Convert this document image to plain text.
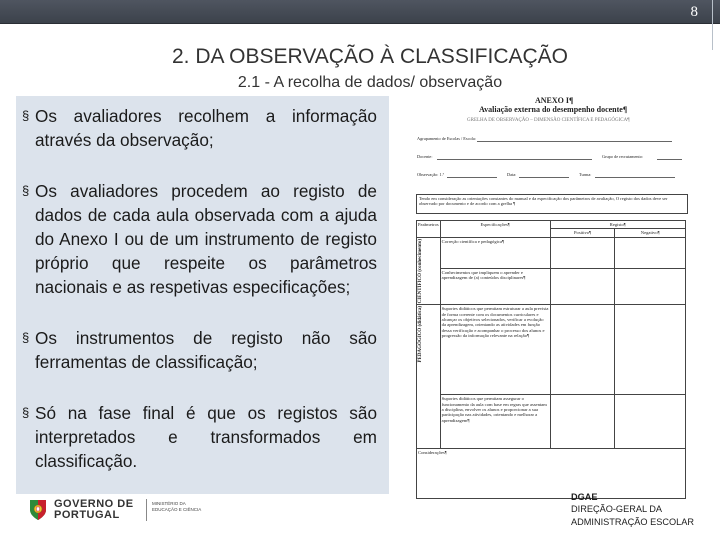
8
2. DA OBSERVAÇÃO À CLASSIFICAÇÃO
2.1 - A recolha de dados/ observação
§ Os avaliadores recolhem a informação através da observação;
§ Os avaliadores procedem ao registo de dados de cada aula observada com a ajuda do Anexo I ou de um instrumento de registo próprio que respeite os parâmetros nacionais e as respetivas especificações;
§ Os instrumentos de registo não são ferramentas de classificação;
§ Só na fase final é que os registos são interpretados e transformados em classificação.
ANEXO I¶
Avaliação externa do desempenho docente¶
GRELHA DE OBSERVAÇÃO – DIMENSÃO CIENTÍFICA E PEDAGÓGICA¶
Agrupamento de Escolas / Escola:
Docente:	Grupo de recrutamento:
Observação: 1.ª	Data:	Turma:
Tendo em consideração as orientações constantes do manual e da especificação dos parâmetros de avaliação, O registo dos dados deve ser observado por documento e de acordo com a grelha ¶
Parâmetros	Especificações¶	Registo¶	
		Positivo¶	Negativo¶

CIENTÍFICO (conhecimento)	Correção científica e pedagógica¶		
	Conhecimentos que impliquem o aprender e aprendizagem de (a) conteúdos disciplinares¶		

PEDAGÓGICO (didática)	Suportes didáticos que permitam estruturar a aula prevista de forma coerente com os documentos curriculares e alcançar os objetivos selecionados, verificar a evolução da aprendizagem, orientando as atividades em função dessa verificação e acompanhar o processo dos alunos e progressão da informação relevante na relação¶		
	Suportes didáticos que permitam assegurar o funcionamento da aula com base em regras que assentam a disciplina, envolver os alunos e proporcionar a sua participação nas atividades, orientando e melhorar a aprendizagem¶		
Considerações¶			
GOVERNO DE
PORTUGAL
MINISTÉRIO DA EDUCAÇÃO E CIÊNCIA
DGAE
DIREÇÃO-GERAL DA
ADMINISTRAÇÃO ESCOLAR
